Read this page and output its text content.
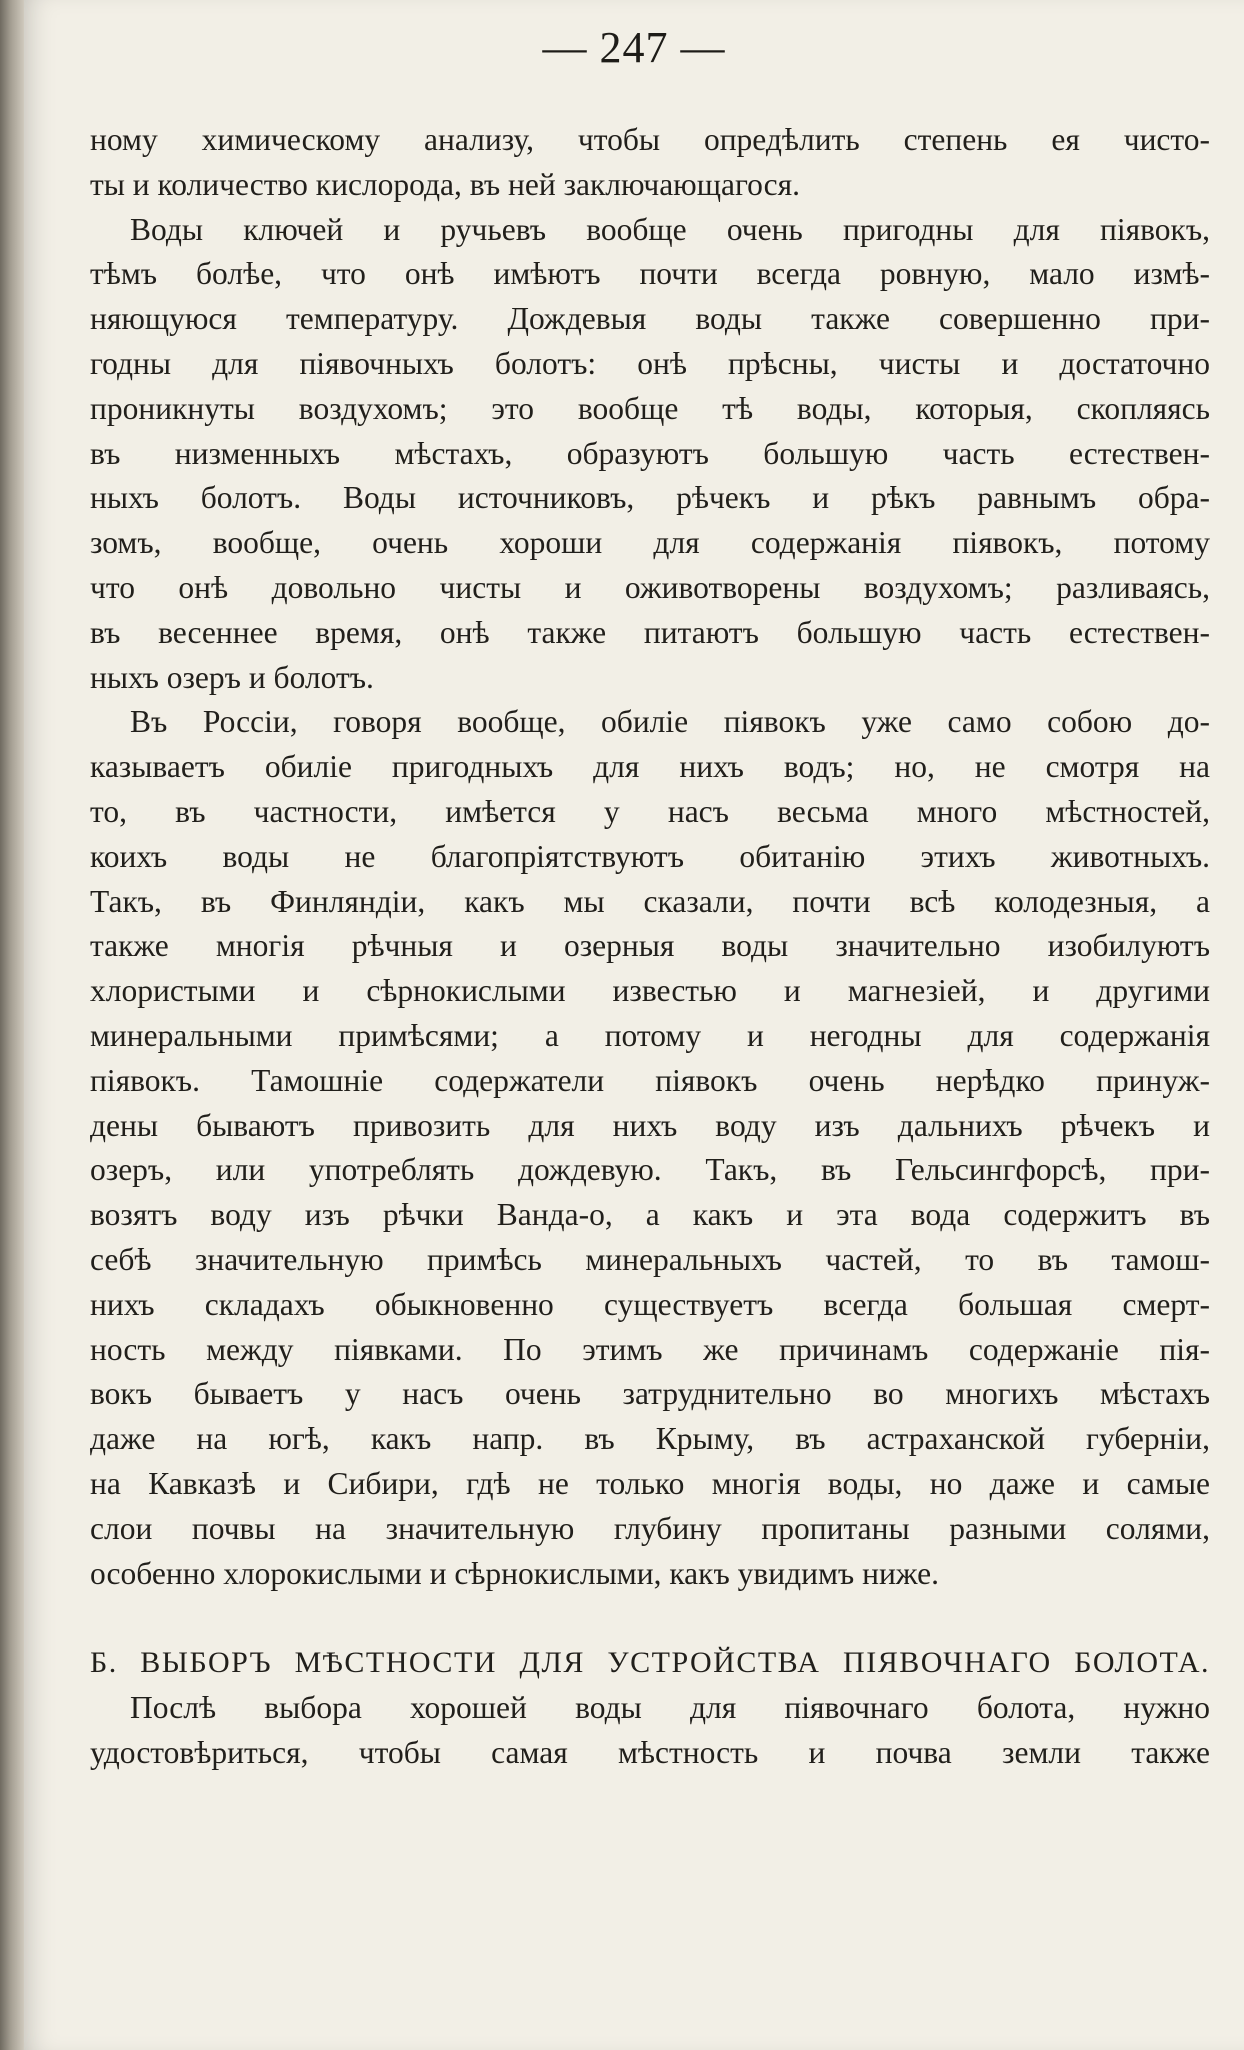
— 247 —
ному химическому анализу, чтобы опредѣлить степень ея чисто-
ты и количество кислорода, въ ней заключающагося.
Воды ключей и ручьевъ вообще очень пригодны для піявокъ,
тѣмъ болѣе, что онѣ имѣютъ почти всегда ровную, мало измѣ-
няющуюся температуру. Дождевыя воды также совершенно при-
годны для піявочныхъ болотъ: онѣ прѣсны, чисты и достаточно
проникнуты воздухомъ; это вообще тѣ воды, которыя, скопляясь
въ низменныхъ мѣстахъ, образуютъ большую часть естествен-
ныхъ болотъ. Воды источниковъ, рѣчекъ и рѣкъ равнымъ обра-
зомъ, вообще, очень хороши для содержанія піявокъ, потому
что онѣ довольно чисты и оживотворены воздухомъ; разливаясь,
въ весеннее время, онѣ также питаютъ большую часть естествен-
ныхъ озеръ и болотъ.
Въ Россіи, говоря вообще, обиліе піявокъ уже само собою до-
казываетъ обиліе пригодныхъ для нихъ водъ; но, не смотря на
то, въ частности, имѣется у насъ весьма много мѣстностей,
коихъ воды не благопріятствуютъ обитанію этихъ животныхъ.
Такъ, въ Финляндіи, какъ мы сказали, почти всѣ колодезныя, а
также многія рѣчныя и озерныя воды значительно изобилуютъ
хлористыми и сѣрнокислыми известью и магнезіей, и другими
минеральными примѣсями; а потому и негодны для содержанія
піявокъ. Тамошніе содержатели піявокъ очень нерѣдко принуж-
дены бываютъ привозить для нихъ воду изъ дальнихъ рѣчекъ и
озеръ, или употреблять дождевую. Такъ, въ Гельсингфорсѣ, при-
возятъ воду изъ рѣчки Ванда-о, а какъ и эта вода содержитъ въ
себѣ значительную примѣсь минеральныхъ частей, то въ тамош-
нихъ складахъ обыкновенно существуетъ всегда большая смерт-
ность между піявками. По этимъ же причинамъ содержаніе пія-
вокъ бываетъ у насъ очень затруднительно во многихъ мѣстахъ
даже на югѣ, какъ напр. въ Крыму, въ астраханской губерніи,
на Кавказѣ и Сибири, гдѣ не только многія воды, но даже и самые
слои почвы на значительную глубину пропитаны разными солями,
особенно хлорокислыми и сѣрнокислыми, какъ увидимъ ниже.
Б. ВЫБОРЪ МѢСТНОСТИ ДЛЯ УСТРОЙСТВА ПІЯВОЧНАГО БОЛОТА.
Послѣ выбора хорошей воды для піявочнаго болота, нужно
удостовѣриться, чтобы самая мѣстность и почва земли также
